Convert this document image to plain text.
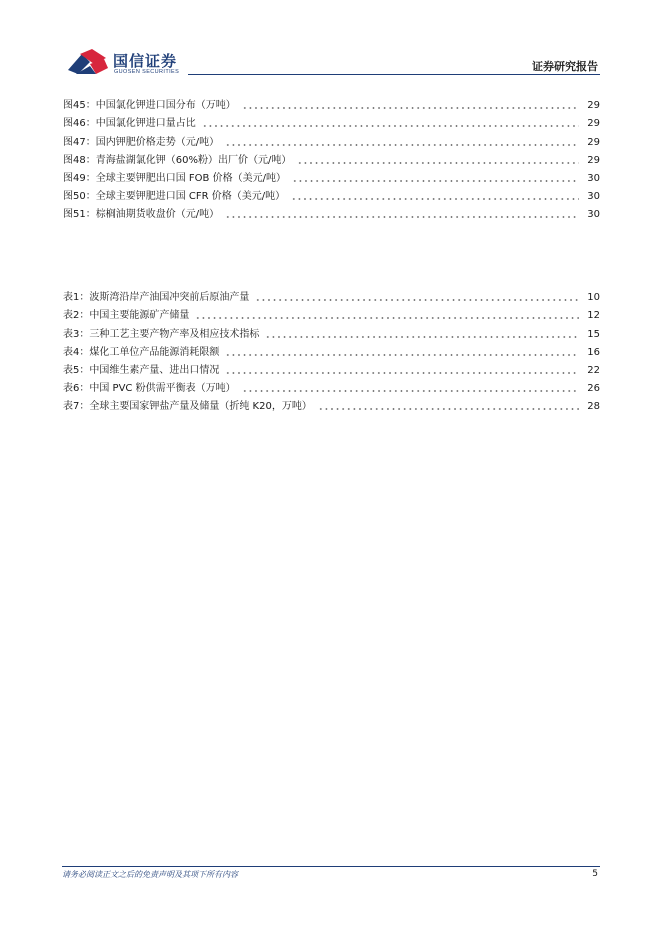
国信证券
GUOSEN SECURITIES	证券研究报告
图45： 中国氯化钾进口国分布（万吨）	29
图46： 中国氯化钾进口量占比	29
图47： 国内钾肥价格走势（元/吨）	29
图48： 青海盐湖氯化钾（60%粉）出厂价（元/吨）	29
图49： 全球主要钾肥出口国 FOB 价格（美元/吨）	30
图50： 全球主要钾肥进口国 CFR 价格（美元/吨）	30
图51： 棕榈油期货收盘价（元/吨）	30
表1： 波斯湾沿岸产油国冲突前后原油产量	10
表2： 中国主要能源矿产储量	12
表3： 三种工艺主要产物产率及相应技术指标	15
表4： 煤化工单位产品能源消耗限额	16
表5： 中国维生素产量、进出口情况	22
表6： 中国 PVC 粉供需平衡表（万吨）	26
表7： 全球主要国家钾盐产量及储量（折纯 K20，万吨）	28
请务必阅读正文之后的免责声明及其项下所有内容	5
